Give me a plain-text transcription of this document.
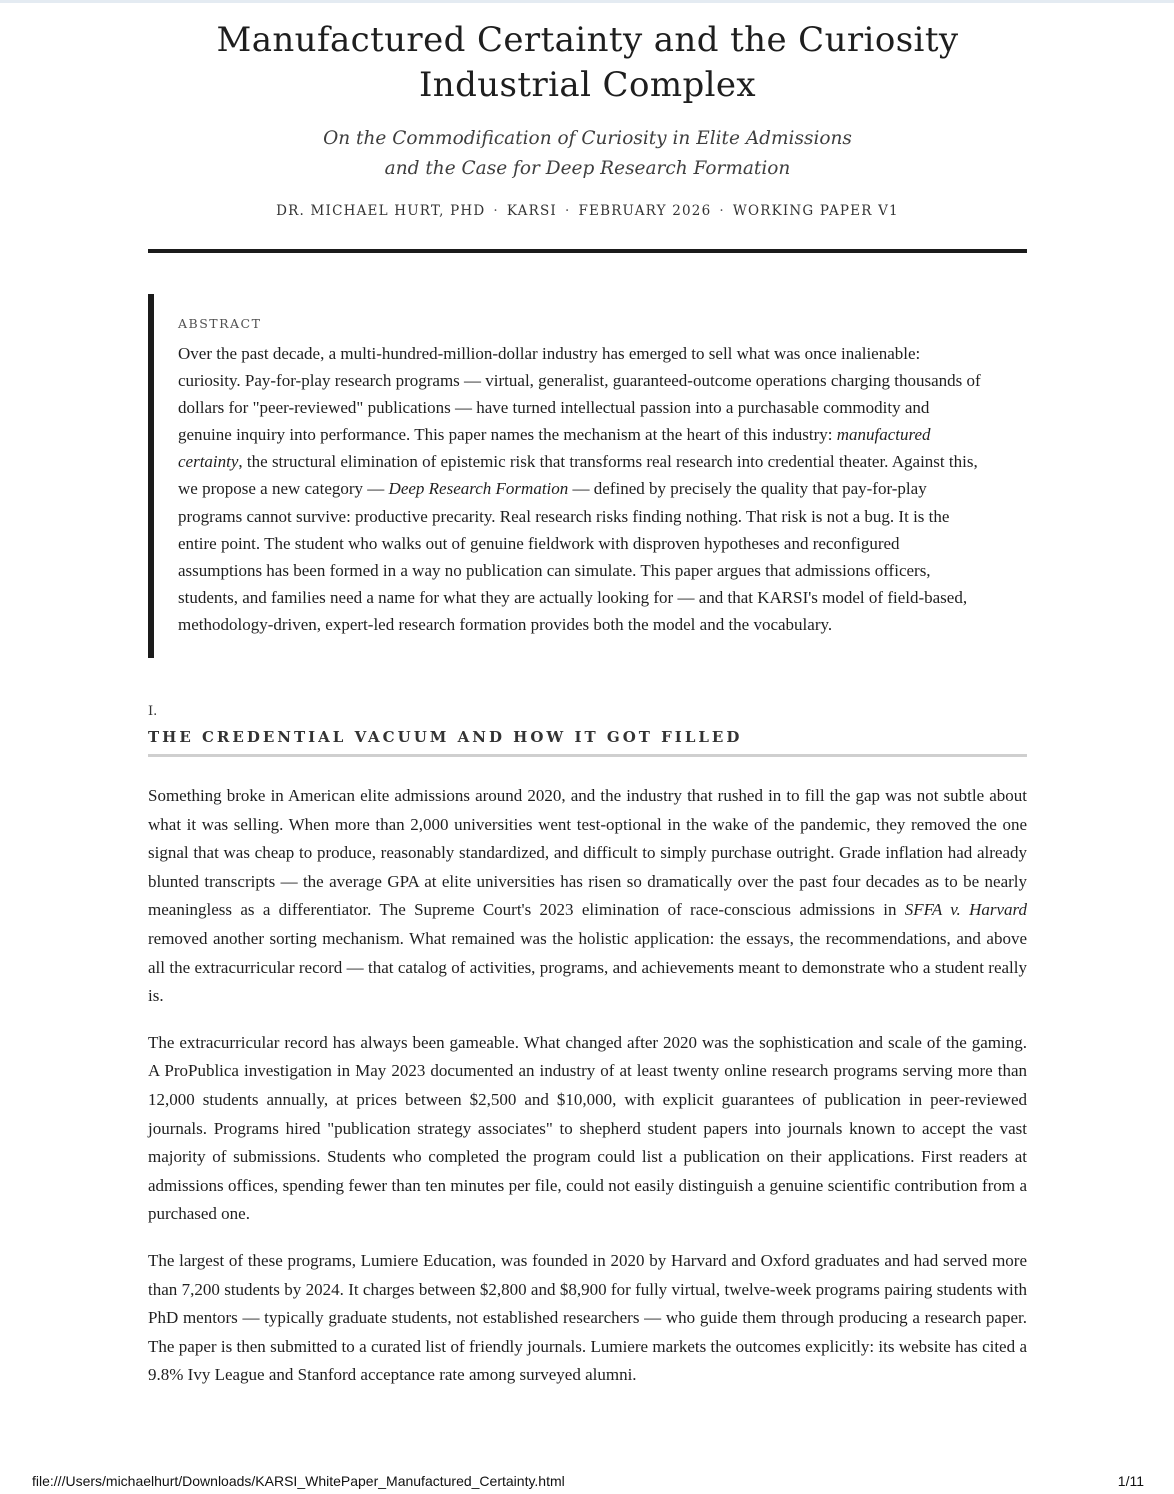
Manufactured Certainty and the Curiosity Industrial Complex
On the Commodification of Curiosity in Elite Admissions
and the Case for Deep Research Formation
DR. MICHAEL HURT, PHD · KARSI · FEBRUARY 2026 · WORKING PAPER V1
ABSTRACT

Over the past decade, a multi-hundred-million-dollar industry has emerged to sell what was once inalienable: curiosity. Pay-for-play research programs — virtual, generalist, guaranteed-outcome operations charging thousands of dollars for "peer-reviewed" publications — have turned intellectual passion into a purchasable commodity and genuine inquiry into performance. This paper names the mechanism at the heart of this industry: manufactured certainty, the structural elimination of epistemic risk that transforms real research into credential theater. Against this, we propose a new category — Deep Research Formation — defined by precisely the quality that pay-for-play programs cannot survive: productive precarity. Real research risks finding nothing. That risk is not a bug. It is the entire point. The student who walks out of genuine fieldwork with disproven hypotheses and reconfigured assumptions has been formed in a way no publication can simulate. This paper argues that admissions officers, students, and families need a name for what they are actually looking for — and that KARSI's model of field-based, methodology-driven, expert-led research formation provides both the model and the vocabulary.

I.
THE CREDENTIAL VACUUM AND HOW IT GOT FILLED

Something broke in American elite admissions around 2020, and the industry that rushed in to fill the gap was not subtle about what it was selling. When more than 2,000 universities went test-optional in the wake of the pandemic, they removed the one signal that was cheap to produce, reasonably standardized, and difficult to simply purchase outright. Grade inflation had already blunted transcripts — the average GPA at elite universities has risen so dramatically over the past four decades as to be nearly meaningless as a differentiator. The Supreme Court's 2023 elimination of race-conscious admissions in SFFA v. Harvard removed another sorting mechanism. What remained was the holistic application: the essays, the recommendations, and above all the extracurricular record — that catalog of activities, programs, and achievements meant to demonstrate who a student really is.

The extracurricular record has always been gameable. What changed after 2020 was the sophistication and scale of the gaming. A ProPublica investigation in May 2023 documented an industry of at least twenty online research programs serving more than 12,000 students annually, at prices between $2,500 and $10,000, with explicit guarantees of publication in peer-reviewed journals. Programs hired "publication strategy associates" to shepherd student papers into journals known to accept the vast majority of submissions. Students who completed the program could list a publication on their applications. First readers at admissions offices, spending fewer than ten minutes per file, could not easily distinguish a genuine scientific contribution from a purchased one.

The largest of these programs, Lumiere Education, was founded in 2020 by Harvard and Oxford graduates and had served more than 7,200 students by 2024. It charges between $2,800 and $8,900 for fully virtual, twelve-week programs pairing students with PhD mentors — typically graduate students, not established researchers — who guide them through producing a research paper. The paper is then submitted to a curated list of friendly journals. Lumiere markets the outcomes explicitly: its website has cited a 9.8% Ivy League and Stanford acceptance rate among surveyed alumni.

file:///Users/michaelhurt/Downloads/KARSI_WhitePaper_Manufactured_Certainty.html	1/11
